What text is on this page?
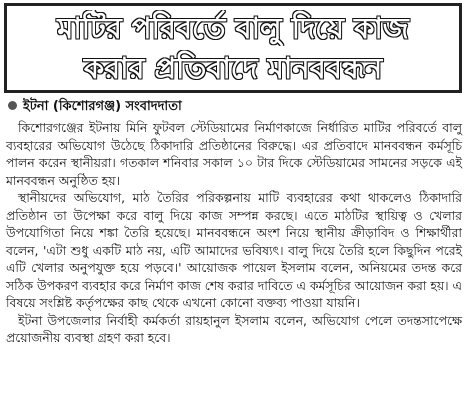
মাটির পরিবর্তে বালু দিয়ে কাজ
করার প্রতিবাদে মানববন্ধন
ইটনা (কিশোরগঞ্জ) সংবাদদাতা

কিশোরগঞ্জের ইটনায় মিনি ফুটবল স্টেডিয়ামের নির্মাণকাজে নির্ধারিত মাটির পরিবর্তে বালু ব্যবহারের অভিযোগ উঠেছে ঠিকাদারি প্রতিষ্ঠানের বিরুদ্ধে। এর প্রতিবাদে মানববন্ধন কর্মসূচি পালন করেন স্থানীয়রা। গতকাল শনিবার সকাল ১০ টার দিকে স্টেডিয়ামের সামনের সড়কে এই মানববন্ধন অনুষ্ঠিত হয়।

স্থানীয়দের অভিযোগ, মাঠ তৈরির পরিকল্পনায় মাটি ব্যবহারের কথা থাকলেও ঠিকাদারি প্রতিষ্ঠান তা উপেক্ষা করে বালু দিয়ে কাজ সম্পন্ন করছে। এতে মাঠটির স্থায়িত্ব ও খেলার উপযোগিতা নিয়ে শঙ্কা তৈরি হয়েছে। মানববন্ধনে অংশ নিয়ে স্থানীয় ক্রীড়াবিদ ও শিক্ষার্থীরা বলেন, 'এটা শুধু একটি মাঠ নয়, এটি আমাদের ভবিষ্যৎ। বালু দিয়ে তৈরি হলে কিছুদিন পরেই এটি খেলার অনুপযুক্ত হয়ে পড়বে।' আয়োজক পায়েল ইসলাম বলেন, অনিয়মের তদন্ত করে সঠিক উপকরণ ব্যবহার করে নির্মাণ কাজ শেষ করার দাবিতে এ কর্মসূচির আয়োজন করা হয়। এ বিষয়ে সংশ্লিষ্ট কর্তৃপক্ষের কাছ থেকে এখনো কোনো বক্তব্য পাওয়া যায়নি।

ইটনা উপজেলার নির্বাহী কর্মকর্তা রায়হানুল ইসলাম বলেন, অভিযোগ পেলে তদন্তসাপেক্ষে প্রয়োজনীয় ব্যবস্থা গ্রহণ করা হবে।
